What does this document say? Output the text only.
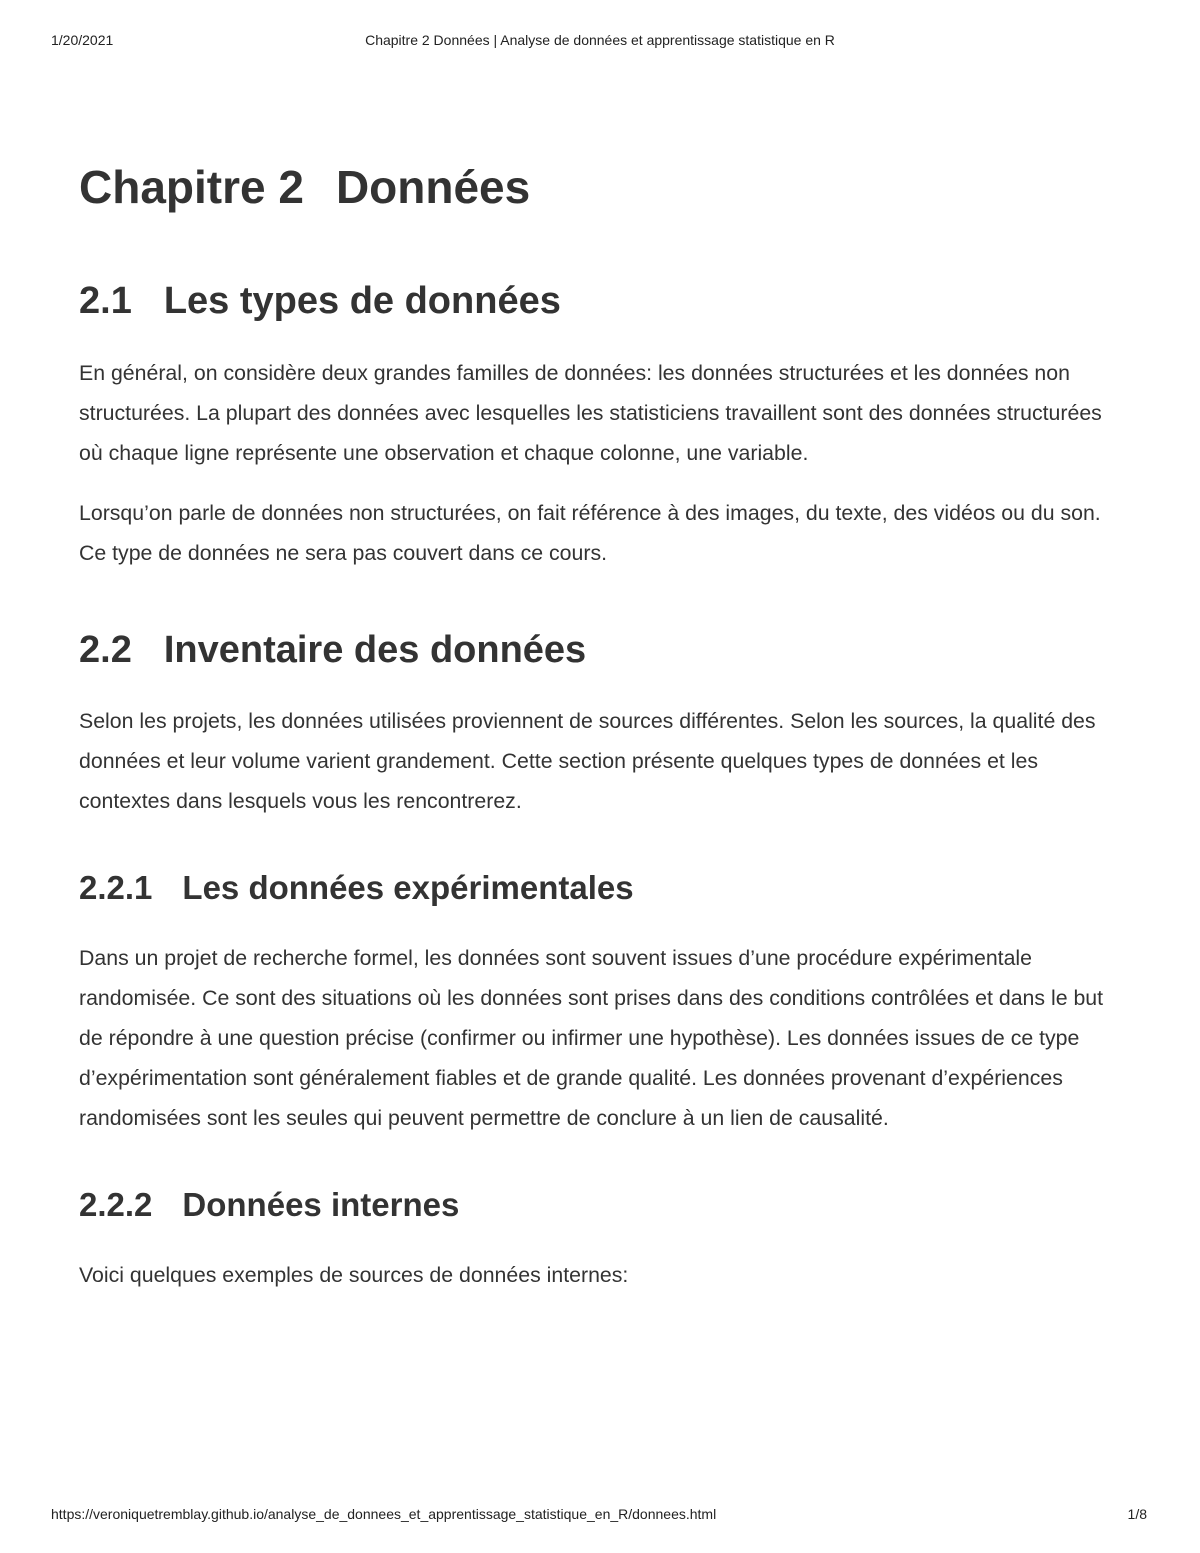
1/20/2021	Chapitre 2 Données | Analyse de données et apprentissage statistique en R
Chapitre 2 Données
2.1 Les types de données

En général, on considère deux grandes familles de données: les données structurées et les données non structurées. La plupart des données avec lesquelles les statisticiens travaillent sont des données structurées où chaque ligne représente une observation et chaque colonne, une variable.

Lorsqu’on parle de données non structurées, on fait référence à des images, du texte, des vidéos ou du son. Ce type de données ne sera pas couvert dans ce cours.

2.2 Inventaire des données

Selon les projets, les données utilisées proviennent de sources différentes. Selon les sources, la qualité des données et leur volume varient grandement. Cette section présente quelques types de données et les contextes dans lesquels vous les rencontrerez.

2.2.1 Les données expérimentales

Dans un projet de recherche formel, les données sont souvent issues d’une procédure expérimentale randomisée. Ce sont des situations où les données sont prises dans des conditions contrôlées et dans le but de répondre à une question précise (confirmer ou infirmer une hypothèse). Les données issues de ce type d’expérimentation sont généralement fiables et de grande qualité. Les données provenant d’expériences randomisées sont les seules qui peuvent permettre de conclure à un lien de causalité.

2.2.2 Données internes

Voici quelques exemples de sources de données internes:

https://veroniquetremblay.github.io/analyse_de_donnees_et_apprentissage_statistique_en_R/donnees.html	1/8
